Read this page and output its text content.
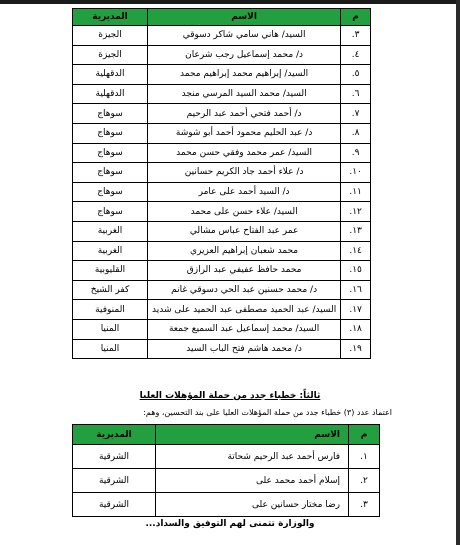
م	الاسم	المديرية
٣.	السيد/ هاني سامي شاكر دسوقي	الجيزة
٤.	د/ محمد إسماعيل رجب شرعان	الجيزة
٥.	السيد/ إبراهيم محمد إبراهيم محمد	الدقهلية
٦.	السيد/ محمد السيد المرسي منجد	الدقهلية
٧.	د/ أحمد فتحي أحمد عبد الرحيم	سوهاج
٨.	د/ عبد الحليم محمود أحمد أبو شوشة	سوهاج
٩.	السيد/ عمر محمد وفقي حسن محمد	سوهاج
١٠.	د/ علاء أحمد جاد الكريم حسانين	سوهاج
١١.	د/ السيد أحمد على عامر	سوهاج
١٢.	السيد/ علاء حسن على محمد	سوهاج
١٣.	عمر عبد الفتاح عباس مشالي	الغربية
١٤.	محمد شعبان إبراهيم العزيري	الغربية
١٥.	محمد حافظ عفيفي عبد الرازق	القليوبية
١٦.	د/ محمد حسنين عبد الحي دسوقي غانم	كفر الشيخ
١٧.	السيد/ عبد الحميد مصطفى عبد الحميد على شديد	المنوفية
١٨.	السيد/ محمد إسماعيل عبد السميع جمعة	المنيا
١٩.	د/ محمد هاشم فتح الباب السيد	المنيا
ثالثاً: خطباء جدد من حملة المؤهلات العليا
اعتماد عدد (٣) خطباء جدد من حملة المؤهلات العليا على بند التحسين، وهم:
م	الاسم	المديرية
١.	فارس أحمد عبد الرحيم شحاتة	الشرقية
٢.	إسلام أحمد محمد على	الشرقية
٣.	رضا مختار حسانين على	الشرقية
والوزارة تتمنى لهم التوفيق والسداد...
